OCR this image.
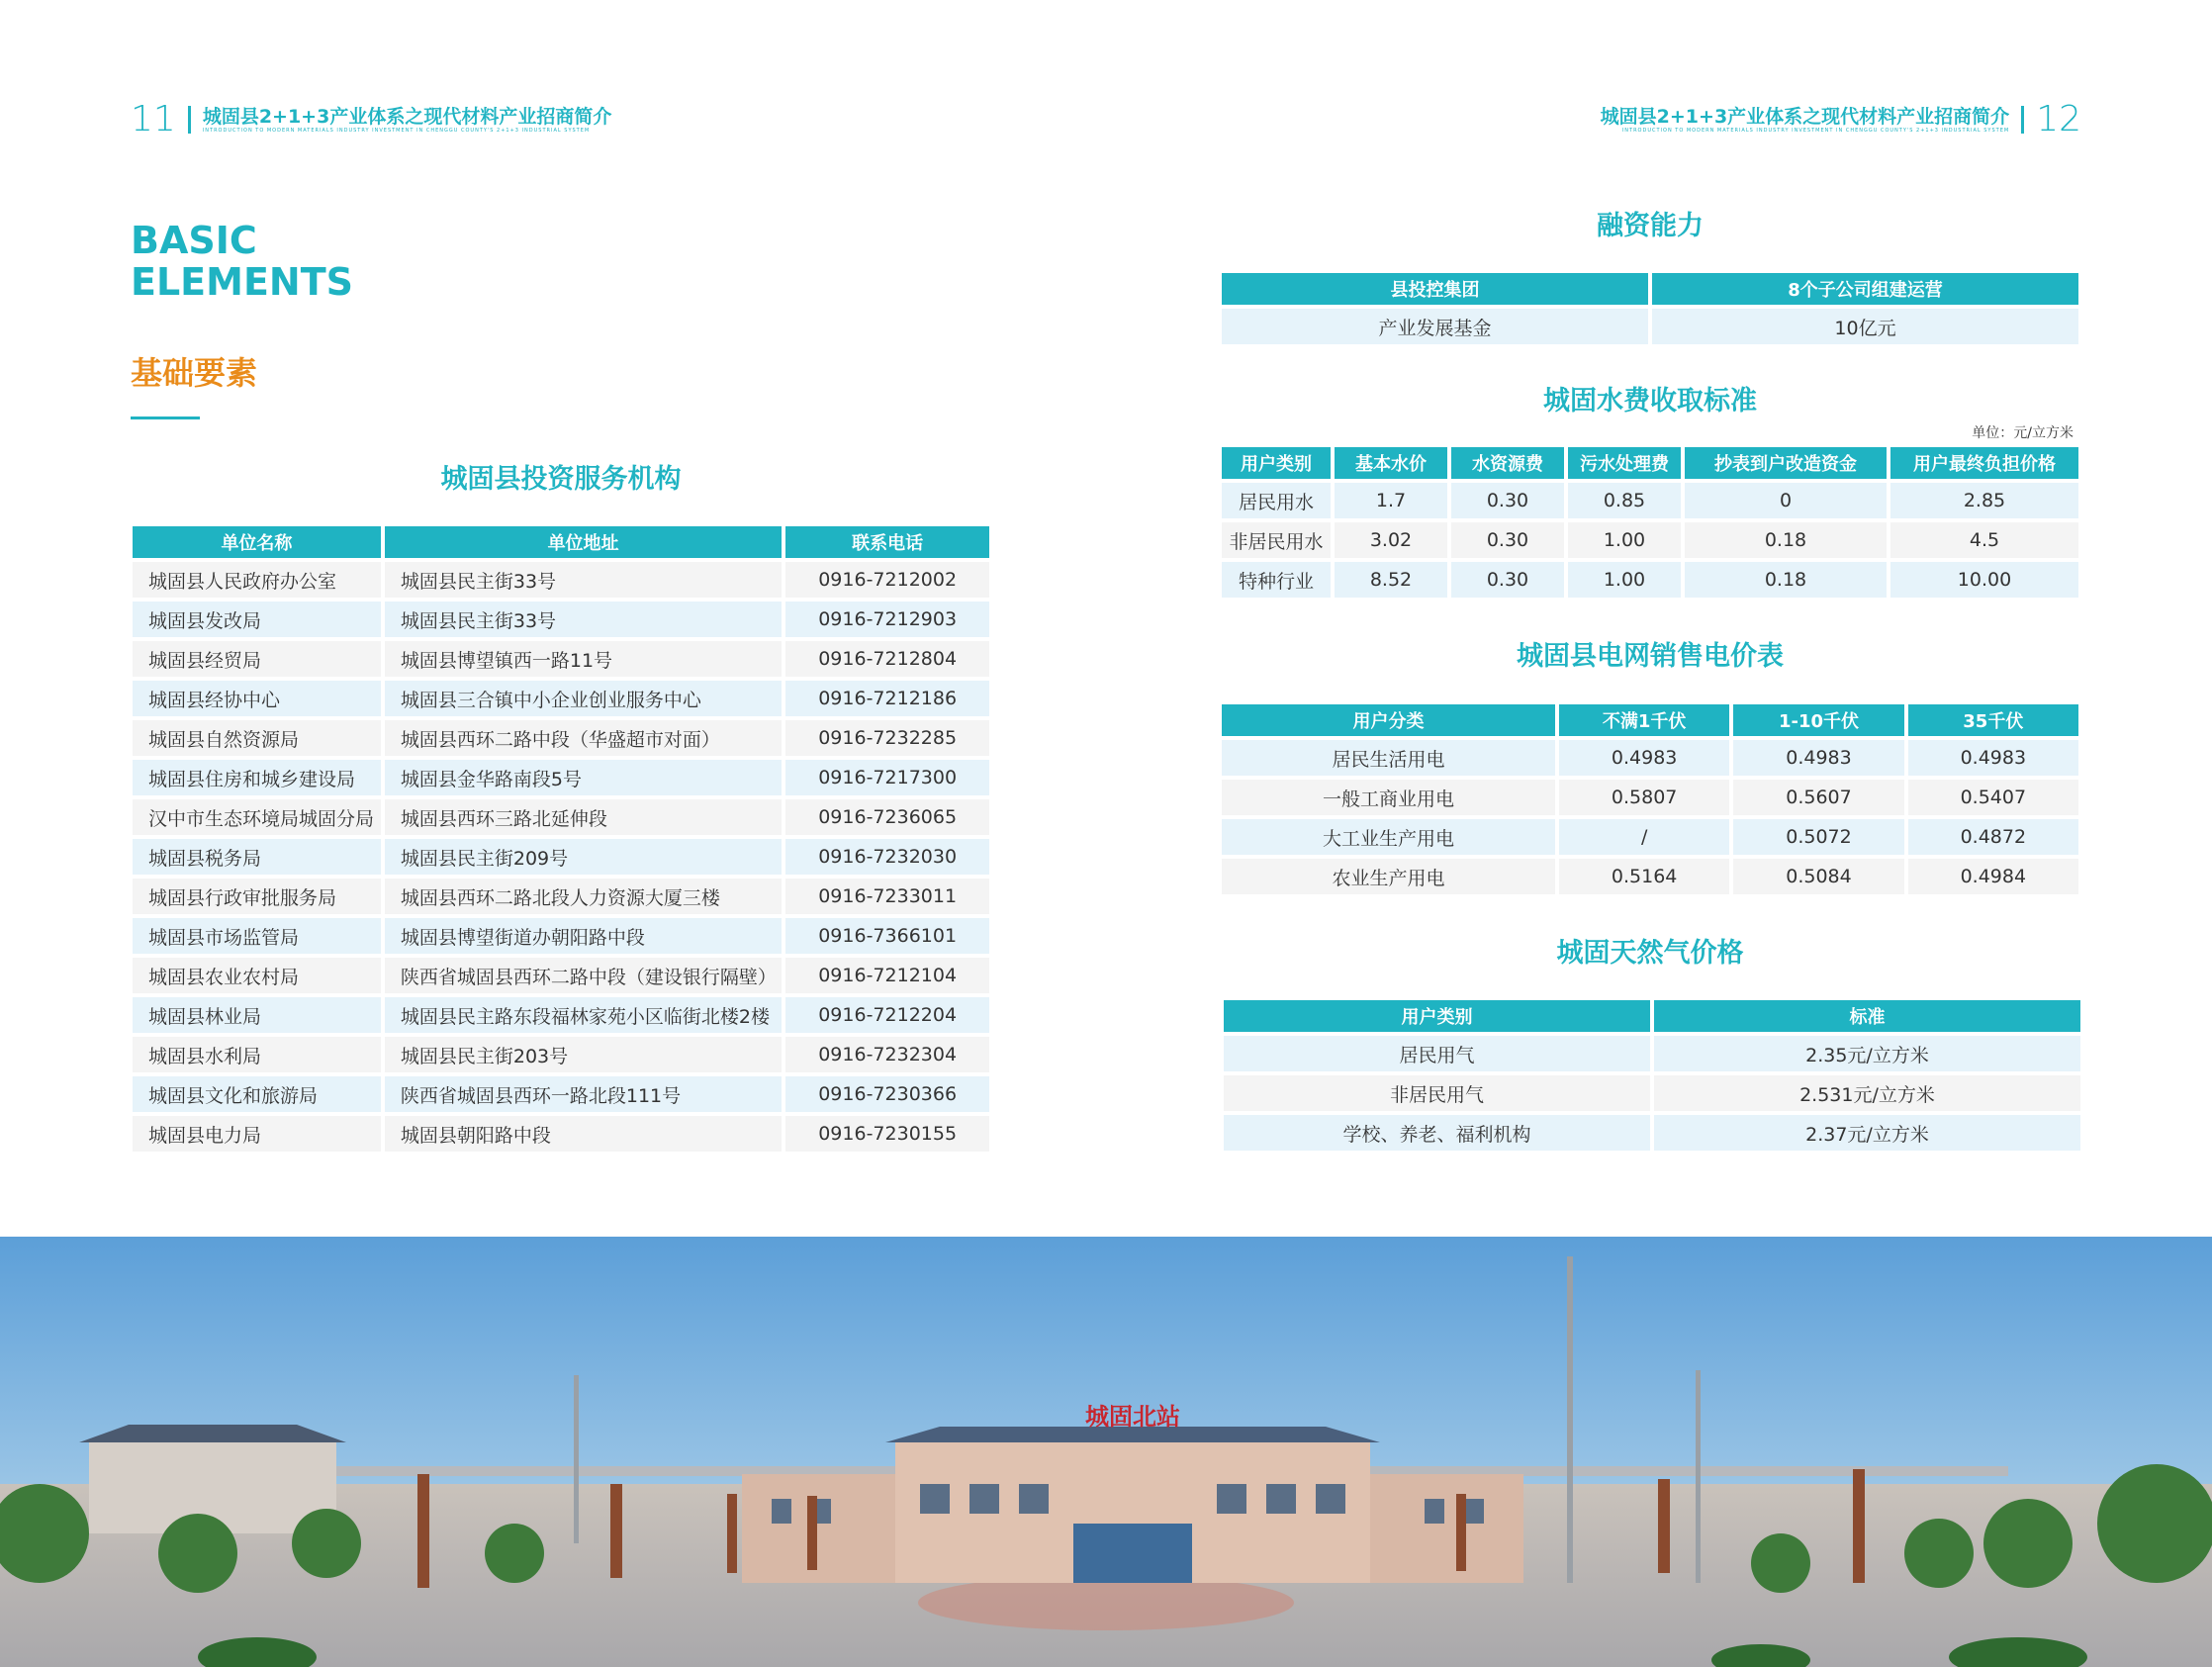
11 城固县2+1+3产业体系之现代材料产业招商简介
INTRODUCTION TO MODERN MATERIALS INDUSTRY INVESTMENT IN CHENGGU COUNTY'S 2+1+3 INDUSTRIAL SYSTEM
城固县2+1+3产业体系之现代材料产业招商简介
INTRODUCTION TO MODERN MATERIALS INDUSTRY INVESTMENT IN CHENGGU COUNTY'S 2+1+3 INDUSTRIAL SYSTEM 12
BASIC
ELEMENTS
基础要素
城固县投资服务机构
单位名称	单位地址	联系电话
城固县人民政府办公室	城固县民主街33号	0916-7212002
城固县发改局	城固县民主街33号	0916-7212903
城固县经贸局	城固县博望镇西一路11号	0916-7212804
城固县经协中心	城固县三合镇中小企业创业服务中心	0916-7212186
城固县自然资源局	城固县西环二路中段（华盛超市对面）	0916-7232285
城固县住房和城乡建设局	城固县金华路南段5号	0916-7217300
汉中市生态环境局城固分局	城固县西环三路北延伸段	0916-7236065
城固县税务局	城固县民主街209号	0916-7232030
城固县行政审批服务局	城固县西环二路北段人力资源大厦三楼	0916-7233011
城固县市场监管局	城固县博望街道办朝阳路中段	0916-7366101
城固县农业农村局	陕西省城固县西环二路中段（建设银行隔壁）	0916-7212104
城固县林业局	城固县民主路东段福林家苑小区临街北楼2楼	0916-7212204
城固县水利局	城固县民主街203号	0916-7232304
城固县文化和旅游局	陕西省城固县西环一路北段111号	0916-7230366
城固县电力局	城固县朝阳路中段	0916-7230155
融资能力
县投控集团	8个子公司组建运营
产业发展基金	10亿元
城固水费收取标准
单位：元/立方米
用户类别	基本水价	水资源费	污水处理费	抄表到户改造资金	用户最终负担价格
居民用水	1.7	0.30	0.85	0	2.85
非居民用水	3.02	0.30	1.00	0.18	4.5
特种行业	8.52	0.30	1.00	0.18	10.00
城固县电网销售电价表
用户分类	不满1千伏	1-10千伏	35千伏
居民生活用电	0.4983	0.4983	0.4983
一般工商业用电	0.5807	0.5607	0.5407
大工业生产用电	/	0.5072	0.4872
农业生产用电	0.5164	0.5084	0.4984
城固天然气价格
用户类别	标准
居民用气	2.35元/立方米
非居民用气	2.531元/立方米
学校、养老、福利机构	2.37元/立方米
城固北站
